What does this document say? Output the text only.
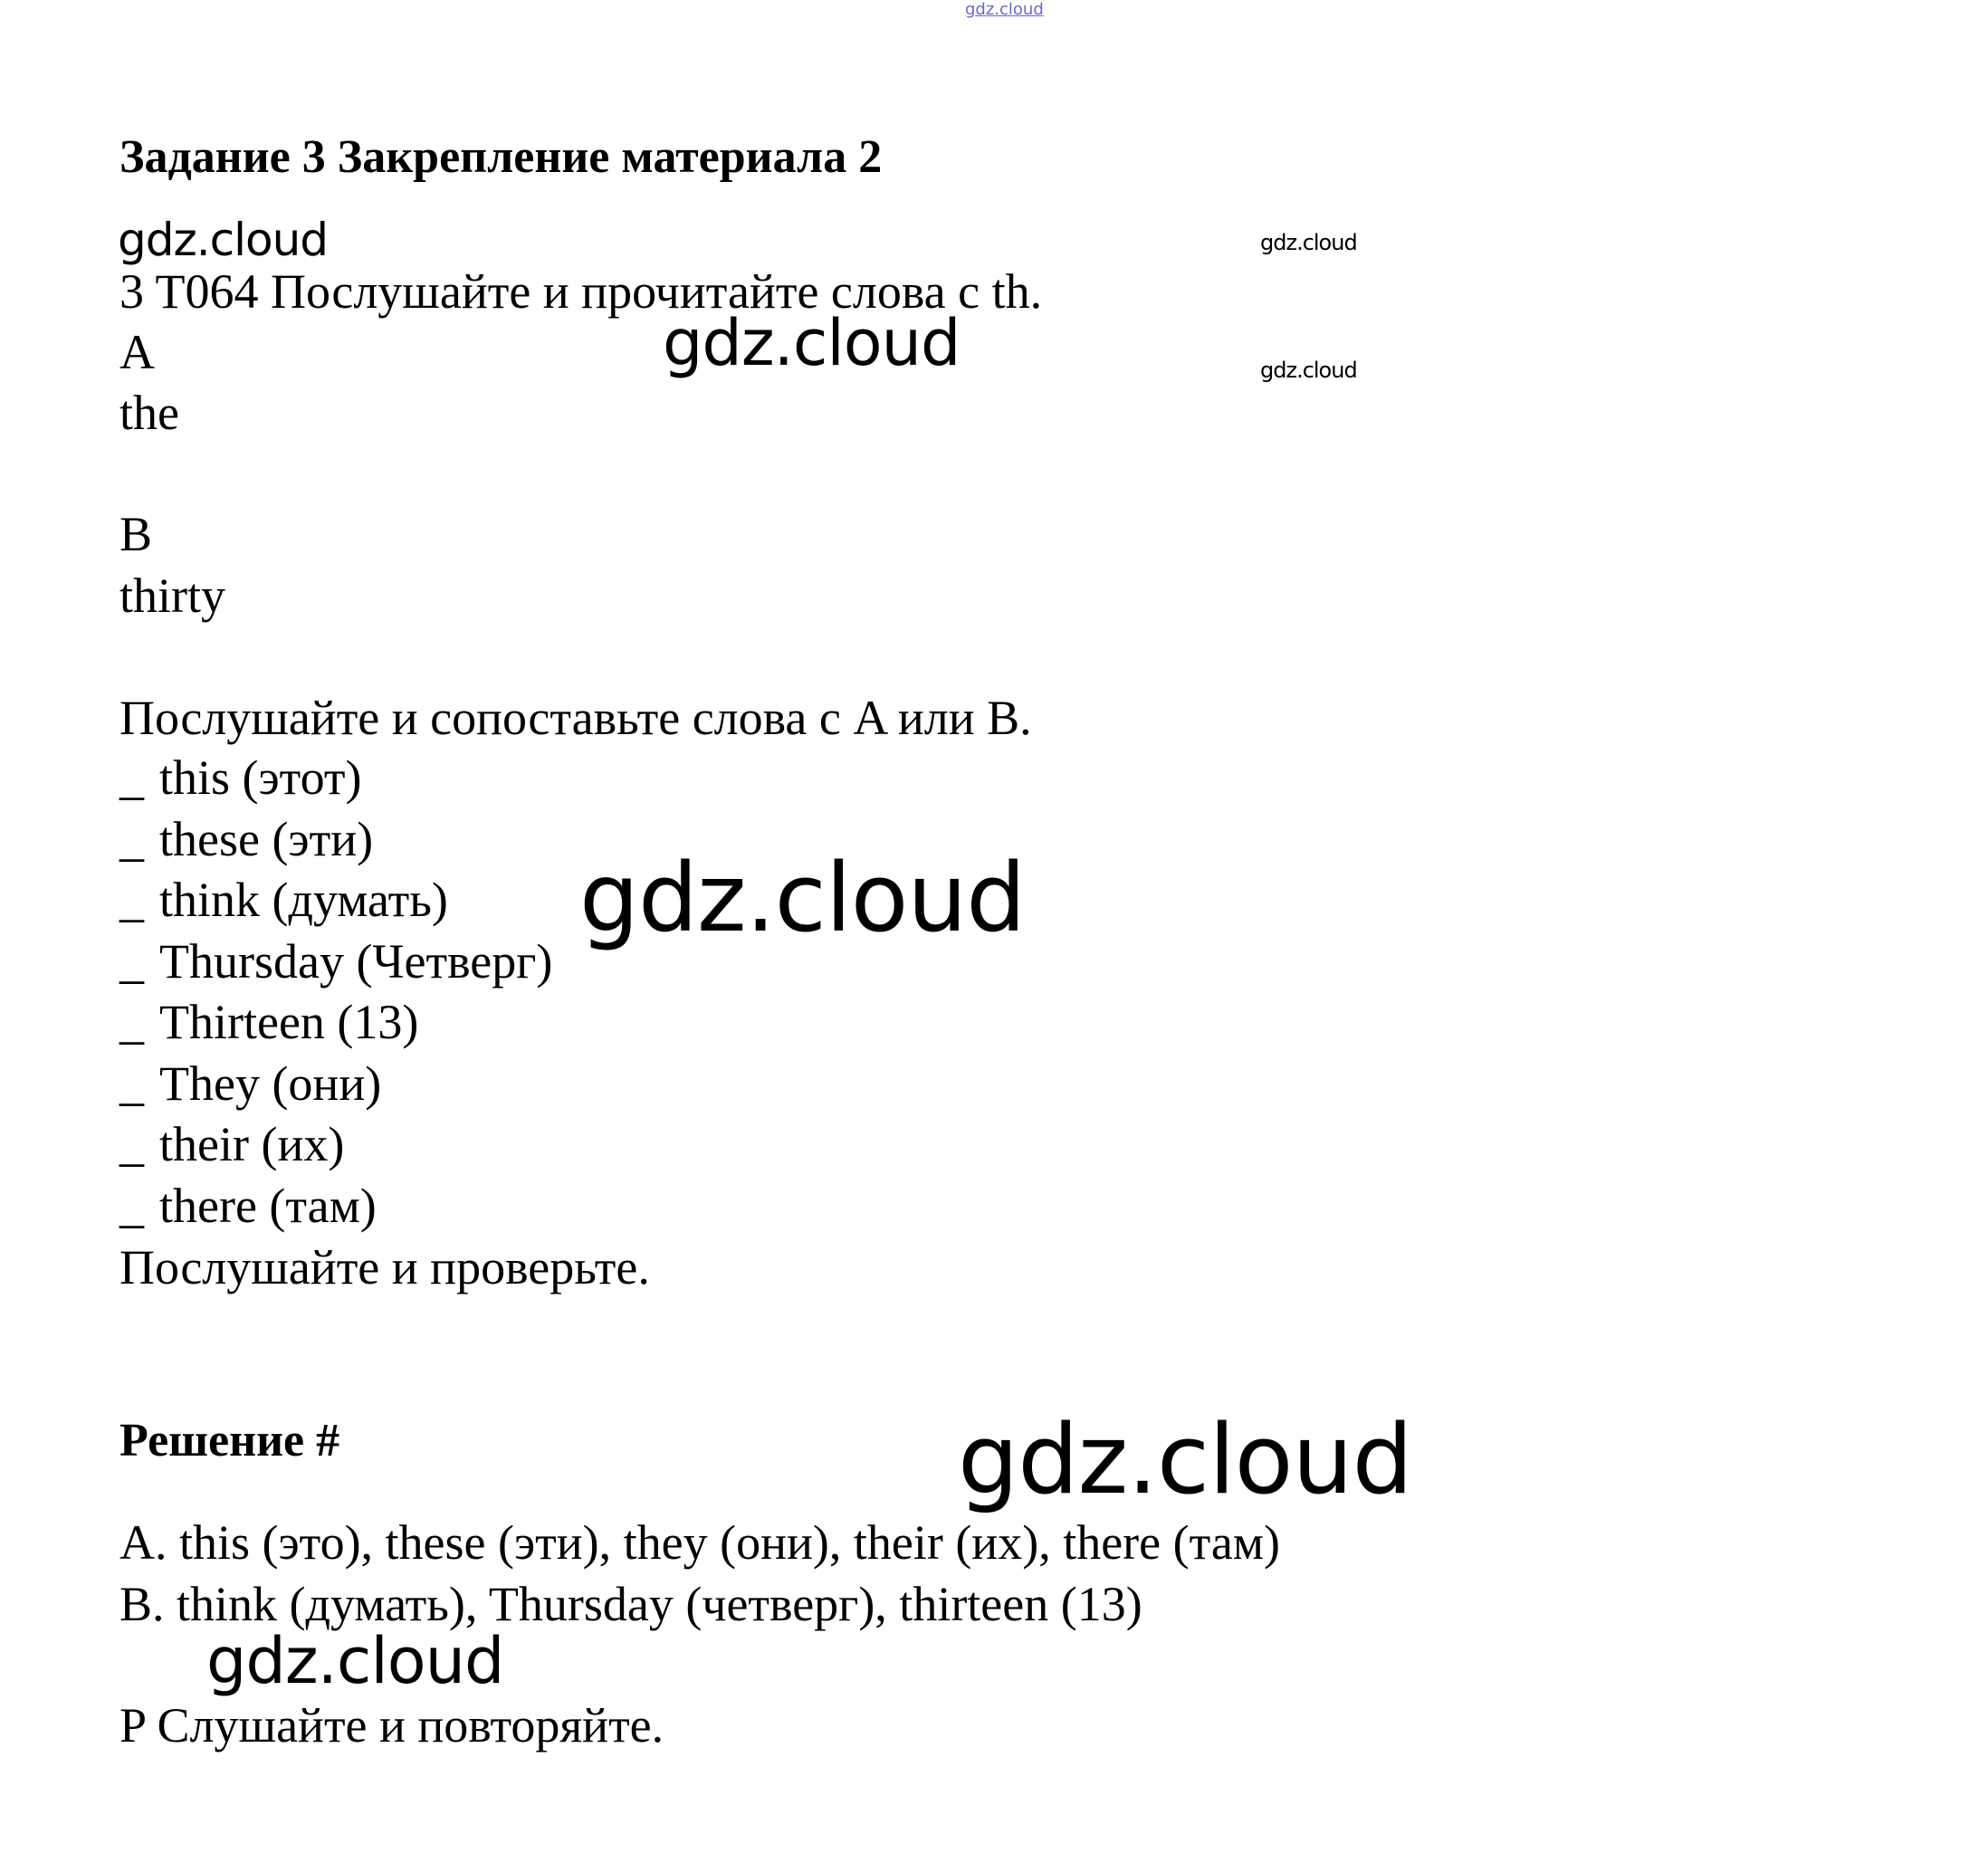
gdz.cloud
Задание 3 Закрепление материала 2
gdz.cloud	gdz.cloud
gdz.cloud	gdz.cloud
gdz.cloud
gdz.cloud
gdz.cloud
3 T064 Послушайте и прочитайте слова с th.
A
the
B
thirty
Послушайте и сопоставьте слова с A или B.
_ this (этот)
_ these (эти)
_ think (думать)
_ Thursday (Четверг)
_ Thirteen (13)
_ They (они)
_ their (их)
_ there (там)
Послушайте и проверьте.
Решение #
A. this (это), these (эти), they (они), their (их), there (там)
B. think (думать), Thursday (четверг), thirteen (13)
P Слушайте и повторяйте.
